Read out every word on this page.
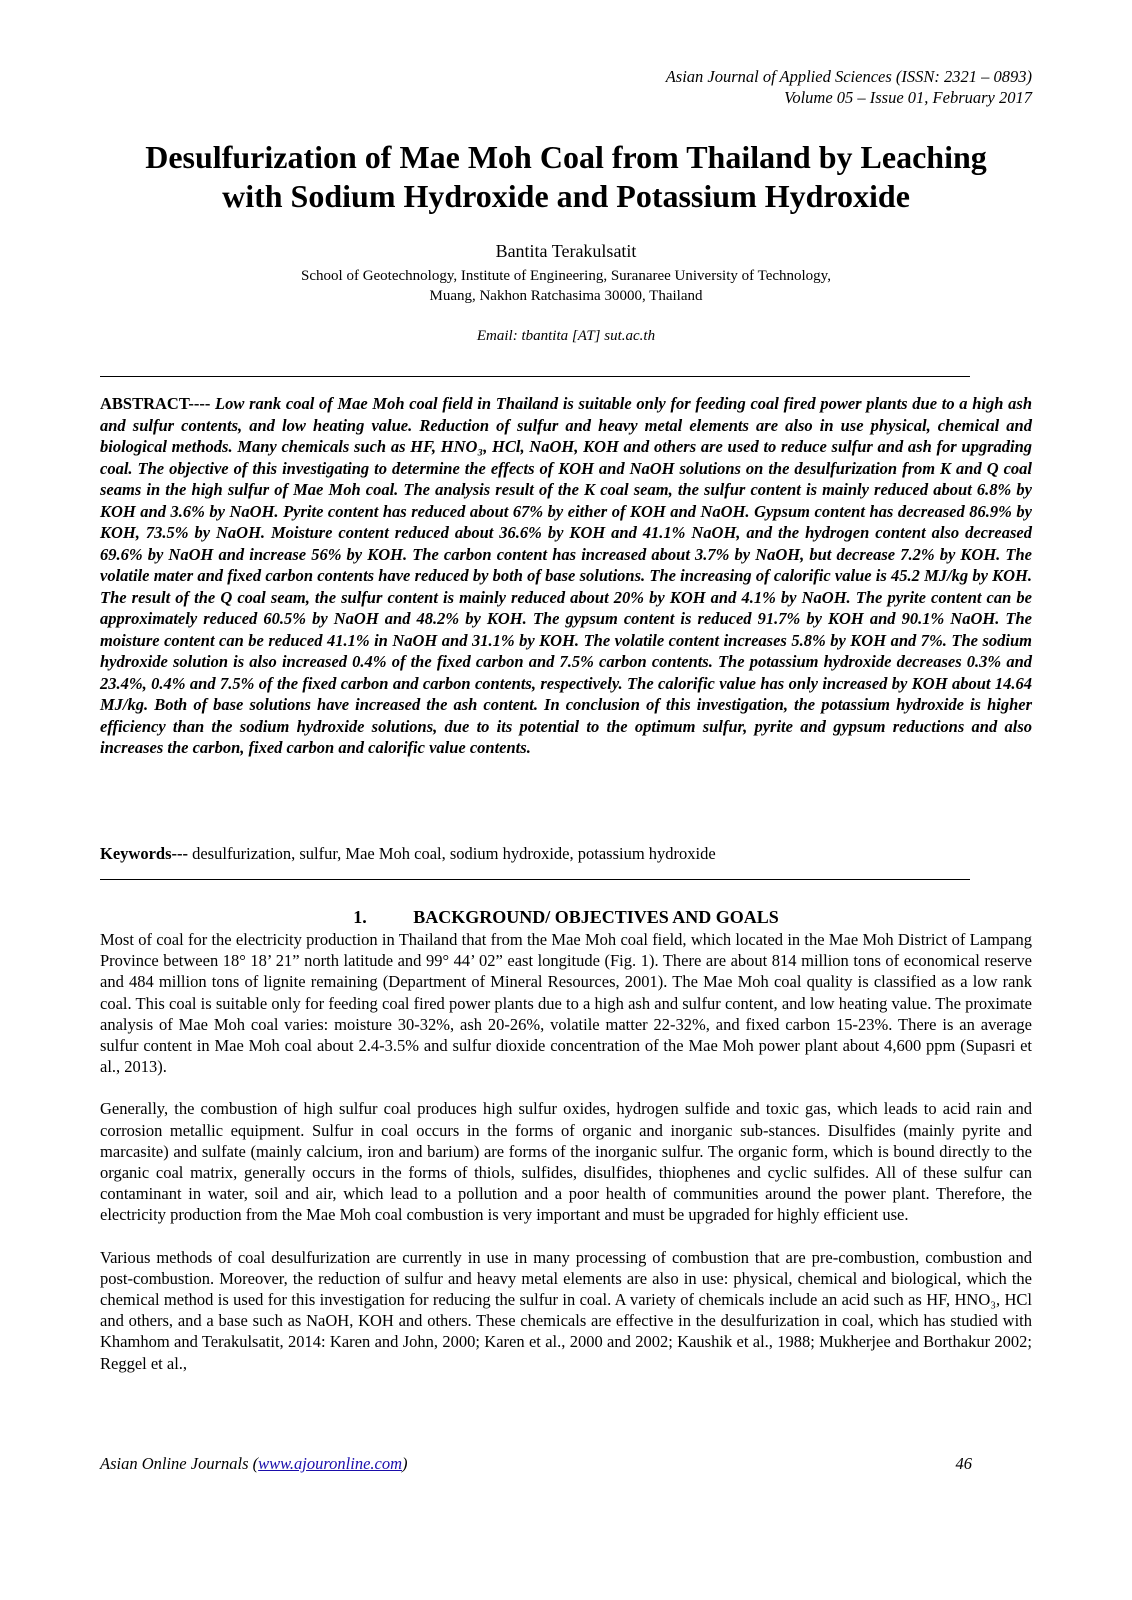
Asian Journal of Applied Sciences (ISSN: 2321 – 0893)
Volume 05 – Issue 01, February 2017
Desulfurization of Mae Moh Coal from Thailand by Leaching
with Sodium Hydroxide and Potassium Hydroxide
Bantita Terakulsatit
School of Geotechnology, Institute of Engineering, Suranaree University of Technology,
Muang, Nakhon Ratchasima 30000, Thailand
Email: tbantita [AT] sut.ac.th

ABSTRACT---- Low rank coal of Mae Moh coal field in Thailand is suitable only for feeding coal fired power plants due to a high ash and sulfur contents, and low heating value. Reduction of sulfur and heavy metal elements are also in use physical, chemical and biological methods. Many chemicals such as HF, HNO₃, HCl, NaOH, KOH and others are used to reduce sulfur and ash for upgrading coal. The objective of this investigating to determine the effects of KOH and NaOH solutions on the desulfurization from K and Q coal seams in the high sulfur of Mae Moh coal. The analysis result of the K coal seam, the sulfur content is mainly reduced about 6.8% by KOH and 3.6% by NaOH. Pyrite content has reduced about 67% by either of KOH and NaOH. Gypsum content has decreased 86.9% by KOH, 73.5% by NaOH. Moisture content reduced about 36.6% by KOH and 41.1% NaOH, and the hydrogen content also decreased 69.6% by NaOH and increase 56% by KOH. The carbon content has increased about 3.7% by NaOH, but decrease 7.2% by KOH. The volatile mater and fixed carbon contents have reduced by both of base solutions. The increasing of calorific value is 45.2 MJ/kg by KOH. The result of the Q coal seam, the sulfur content is mainly reduced about 20% by KOH and 4.1% by NaOH. The pyrite content can be approximately reduced 60.5% by NaOH and 48.2% by KOH. The gypsum content is reduced 91.7% by KOH and 90.1% NaOH. The moisture content can be reduced 41.1% in NaOH and 31.1% by KOH. The volatile content increases 5.8% by KOH and 7%. The sodium hydroxide solution is also increased 0.4% of the fixed carbon and 7.5% carbon contents. The potassium hydroxide decreases 0.3% and 23.4%, 0.4% and 7.5% of the fixed carbon and carbon contents, respectively. The calorific value has only increased by KOH about 14.64 MJ/kg. Both of base solutions have increased the ash content. In conclusion of this investigation, the potassium hydroxide is higher efficiency than the sodium hydroxide solutions, due to its potential to the optimum sulfur, pyrite and gypsum reductions and also increases the carbon, fixed carbon and calorific value contents.

Keywords--- desulfurization, sulfur, Mae Moh coal, sodium hydroxide, potassium hydroxide
1.	BACKGROUND/ OBJECTIVES AND GOALS

Most of coal for the electricity production in Thailand that from the Mae Moh coal field, which located in the Mae Moh District of Lampang Province between 18° 18’ 21” north latitude and 99° 44’ 02” east longitude (Fig. 1). There are about 814 million tons of economical reserve and 484 million tons of lignite remaining (Department of Mineral Resources, 2001). The Mae Moh coal quality is classified as a low rank coal. This coal is suitable only for feeding coal fired power plants due to a high ash and sulfur content, and low heating value. The proximate analysis of Mae Moh coal varies: moisture 30-32%, ash 20-26%, volatile matter 22-32%, and fixed carbon 15-23%. There is an average sulfur content in Mae Moh coal about 2.4-3.5% and sulfur dioxide concentration of the Mae Moh power plant about 4,600 ppm (Supasri et al., 2013).

Generally, the combustion of high sulfur coal produces high sulfur oxides, hydrogen sulfide and toxic gas, which leads to acid rain and corrosion metallic equipment. Sulfur in coal occurs in the forms of organic and inorganic sub-stances. Disulfides (mainly pyrite and marcasite) and sulfate (mainly calcium, iron and barium) are forms of the inorganic sulfur. The organic form, which is bound directly to the organic coal matrix, generally occurs in the forms of thiols, sulfides, disulfides, thiophenes and cyclic sulfides. All of these sulfur can contaminant in water, soil and air, which lead to a pollution and a poor health of communities around the power plant. Therefore, the electricity production from the Mae Moh coal combustion is very important and must be upgraded for highly efficient use.

Various methods of coal desulfurization are currently in use in many processing of combustion that are pre-combustion, combustion and post-combustion. Moreover, the reduction of sulfur and heavy metal elements are also in use: physical, chemical and biological, which the chemical method is used for this investigation for reducing the sulfur in coal. A variety of chemicals include an acid such as HF, HNO₃, HCl and others, and a base such as NaOH, KOH and others. These chemicals are effective in the desulfurization in coal, which has studied with Khamhom and Terakulsatit, 2014: Karen and John, 2000; Karen et al., 2000 and 2002; Kaushik et al., 1988; Mukherjee and Borthakur 2002; Reggel et al.,

Asian Online Journals (www.ajouronline.com)	46
